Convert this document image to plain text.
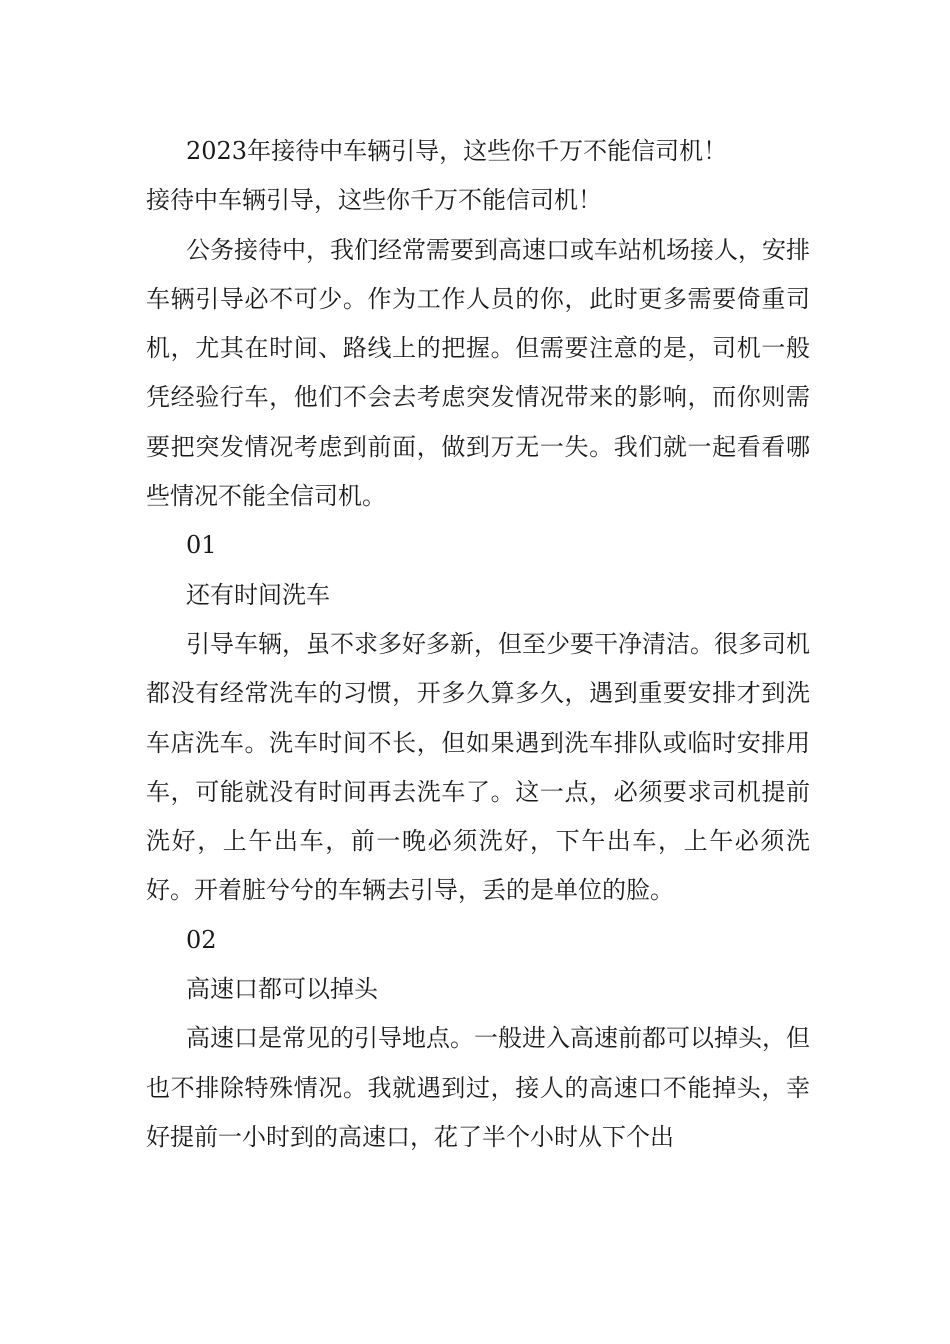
2023年接待中车辆引导，这些你千万不能信司机！

接待中车辆引导，这些你千万不能信司机！

公务接待中，我们经常需要到高速口或车站机场接人，安排车辆引导必不可少。作为工作人员的你，此时更多需要倚重司机，尤其在时间、路线上的把握。但需要注意的是，司机一般凭经验行车，他们不会去考虑突发情况带来的影响，而你则需要把突发情况考虑到前面，做到万无一失。我们就一起看看哪些情况不能全信司机。

01

还有时间洗车

引导车辆，虽不求多好多新，但至少要干净清洁。很多司机都没有经常洗车的习惯，开多久算多久，遇到重要安排才到洗车店洗车。洗车时间不长，但如果遇到洗车排队或临时安排用车，可能就没有时间再去洗车了。这一点，必须要求司机提前洗好，上午出车，前一晚必须洗好，下午出车，上午必须洗好。开着脏兮兮的车辆去引导，丢的是单位的脸。

02

高速口都可以掉头

高速口是常见的引导地点。一般进入高速前都可以掉头，但也不排除特殊情况。我就遇到过，接人的高速口不能掉头，幸好提前一小时到的高速口，花了半个小时从下个出
